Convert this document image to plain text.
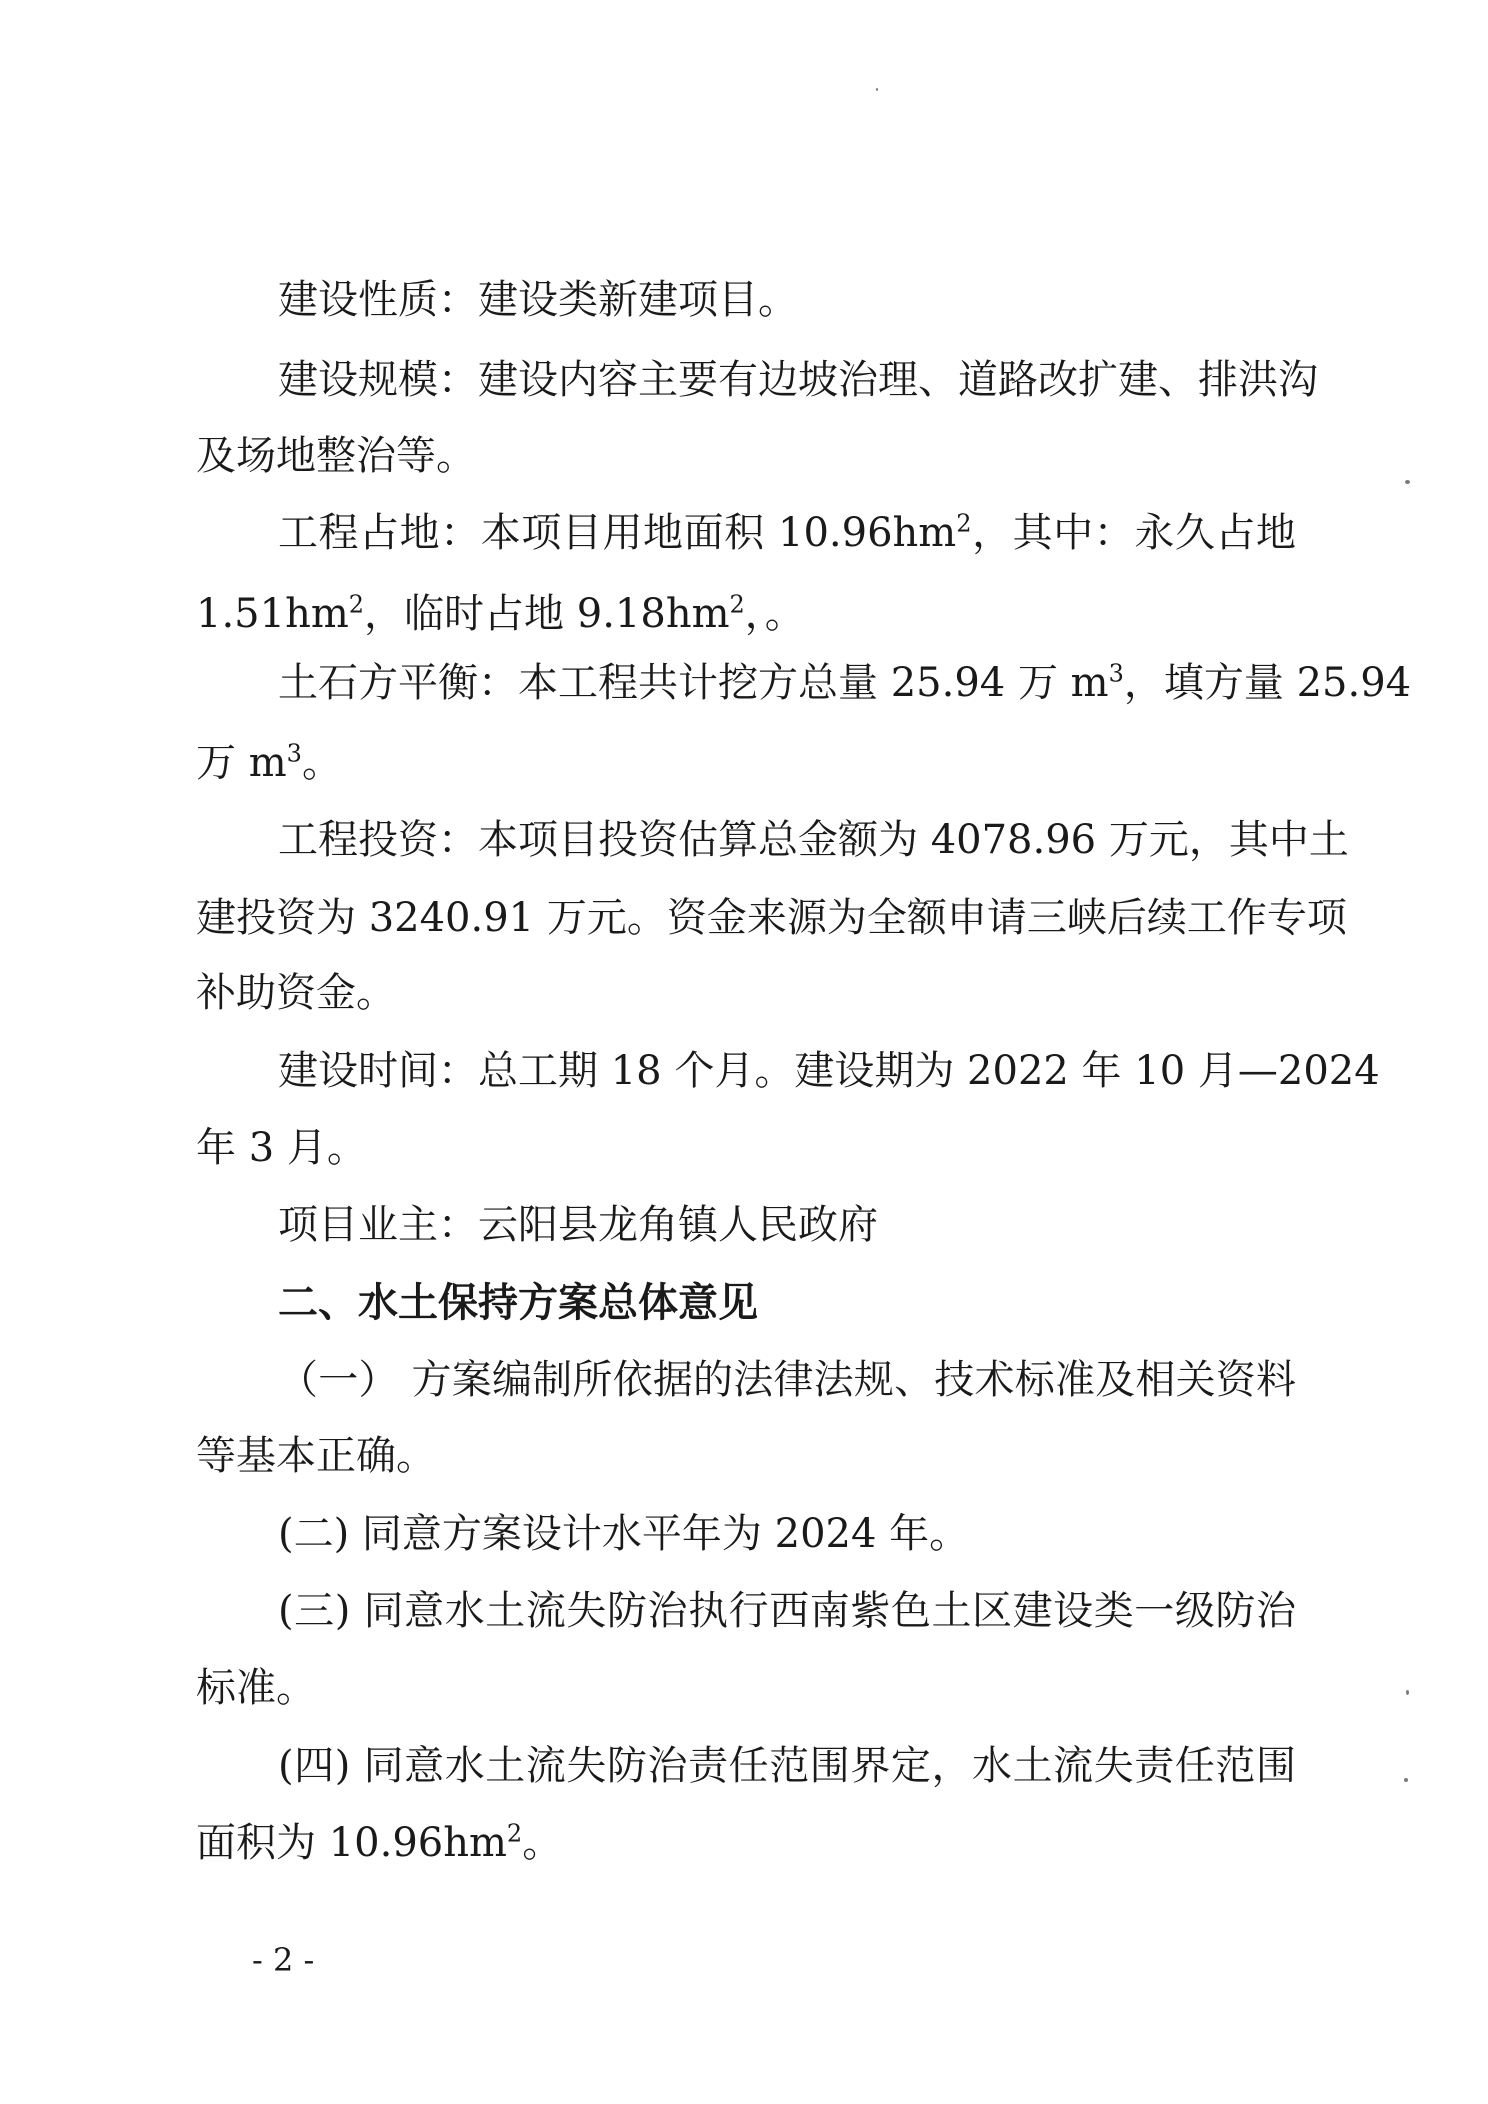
建设性质：建设类新建项目。
建设规模：建设内容主要有边坡治理、道路改扩建、排洪沟
及场地整治等。
工程占地：本项目用地面积 $10.96hm^2$，其中：永久占地
$1.51hm^2$，临时占地 $9.18hm^2$，。
土石方平衡：本工程共计挖方总量 25.94 万 $m^3$，填方量 25.94
万 $m^3$。
工程投资：本项目投资估算总金额为 4078.96 万元，其中土
建投资为 3240.91 万元。资金来源为全额申请三峡后续工作专项
补助资金。
建设时间：总工期 18 个月。建设期为 2022 年 10 月—2024
年 3 月。
项目业主：云阳县龙角镇人民政府
二、水土保持方案总体意见
（一） 方案编制所依据的法律法规、技术标准及相关资料
等基本正确。
(二) 同意方案设计水平年为 2024 年。
(三) 同意水土流失防治执行西南紫色土区建设类一级防治
标准。
(四) 同意水土流失防治责任范围界定，水土流失责任范围
面积为 $10.96hm^2$。
- 2 -
